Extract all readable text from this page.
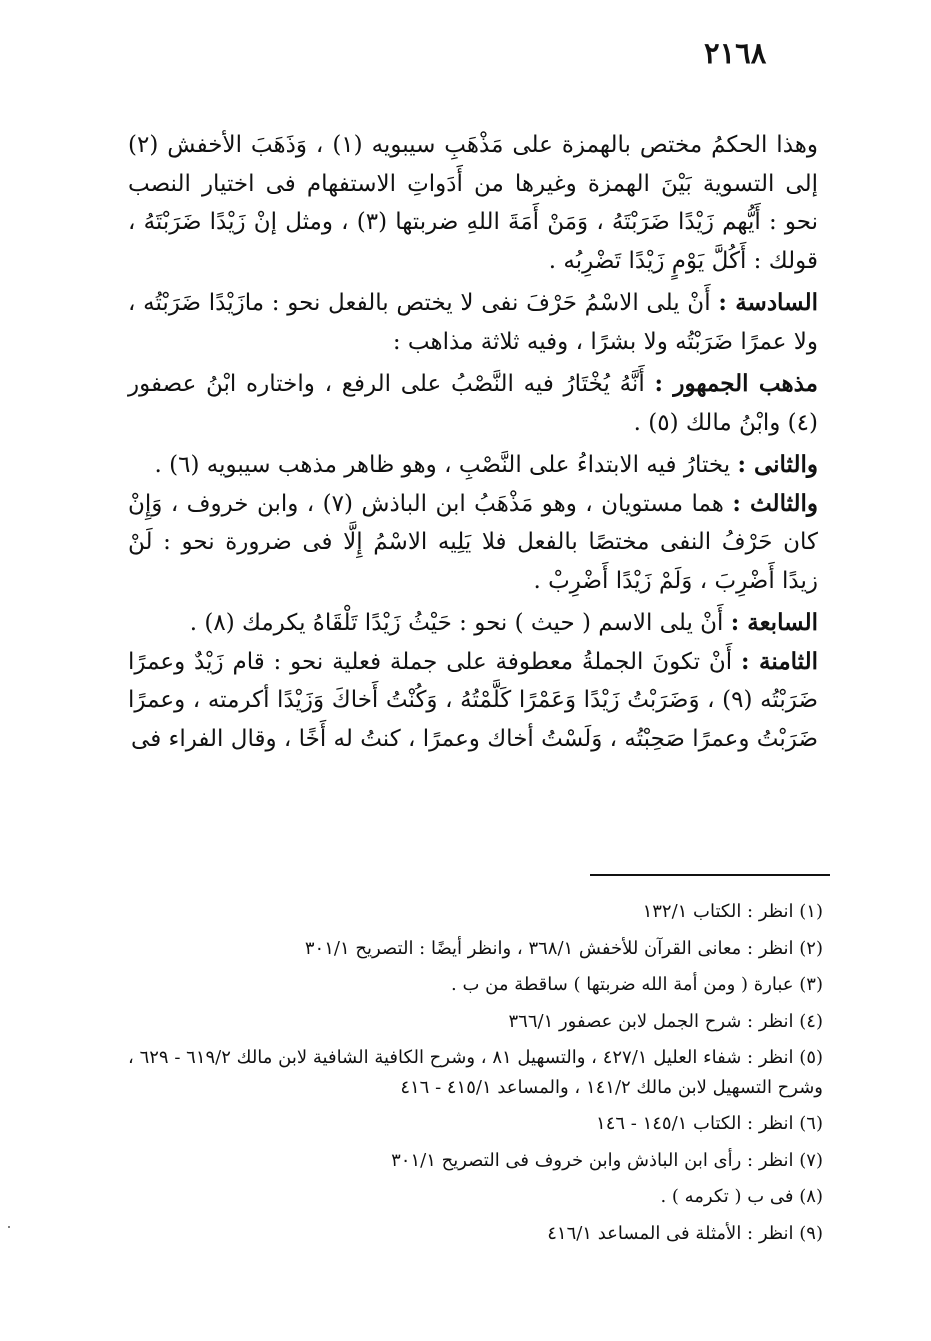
٢١٦٨

وهذا الحكمُ مختص بالهمزة على مَذْهَبِ سيبويه (١) ، وَذَهَبَ الأخفش (٢) إلى التسوية بَيْنَ الهمزة وغيرها من أَدَواتِ الاستفهام فى اختيار النصب نحو : أَيُّهم زَيْدًا ضَرَبْتَهُ ، وَمَنْ أَمَةَ اللهِ ضربتها (٣) ، ومثل إنْ زَيْدًا ضَرَبْتَهُ ، قولك : أَكُلَّ يَوْمٍ زَيْدًا تَضْرِبُه .

السادسة : أَنْ يلى الاسْمُ حَرْفَ نفى لا يختص بالفعل نحو : مازَيْدًا ضَرَبْتُه ، ولا عمرًا ضَرَبْتُه ولا بشرًا ، وفيه ثلاثة مذاهب :

مذهب الجمهور : أَنَّهُ يُخْتَارُ فيه النَّصْبُ على الرفع ، واختاره ابْنُ عصفور (٤) وابْنُ مالك (٥) .

والثانى : يختارُ فيه الابتداءُ على النَّصْبِ ، وهو ظاهر مذهب سيبويه (٦) .

والثالث : هما مستويان ، وهو مَذْهَبُ ابن الباذش (٧) ، وابن خروف ، وَإِنْ كان حَرْفُ النفى مختصًا بالفعل فلا يَلِيه الاسْمُ إِلَّا فى ضرورة نحو : لَنْ زيدًا أَضْرِبَ ، وَلَمْ زَيْدًا أَضْرِبْ .

السابعة : أَنْ يلى الاسم ( حيث ) نحو : حَيْثُ زَيْدًا تَلْقَاهُ يكرمك (٨) .

الثامنة : أَنْ تكونَ الجملةُ معطوفة على جملة فعلية نحو : قام زَيْدٌ وعمرًا ضَرَبْتُه (٩) ، وَضَرَبْتُ زَيْدًا وَعَمْرًا كَلَّمْتُهُ ، وَكُنْتُ أَخاكَ وَزَيْدًا أكرمته ، وعمرًا ضَرَبْتُ وعمرًا صَحِبْتُه ، وَلَسْتُ أخاك وعمرًا ، كنتُ له أَخًا ، وقال الفراء فى

(١) انظر : الكتاب ١٣٢/١

(٢) انظر : معانى القرآن للأخفش ٣٦٨/١ ، وانظر أيضًا : التصريح ٣٠١/١

(٣) عبارة ( ومن أمة الله ضربتها ) ساقطة من ب .

(٤) انظر : شرح الجمل لابن عصفور ٣٦٦/١

(٥) انظر : شفاء العليل ٤٢٧/١ ، والتسهيل ٨١ ، وشرح الكافية الشافية لابن مالك ٦١٩/٢ - ٦٢٩ ، وشرح التسهيل لابن مالك ١٤١/٢ ، والمساعد ٤١٥/١ - ٤١٦

(٦) انظر : الكتاب ١٤٥/١ - ١٤٦

(٧) انظر : رأى ابن الباذش وابن خروف فى التصريح ٣٠١/١

(٨) فى ب ( تكرمه ) .

(٩) انظر : الأمثلة فى المساعد ٤١٦/١
